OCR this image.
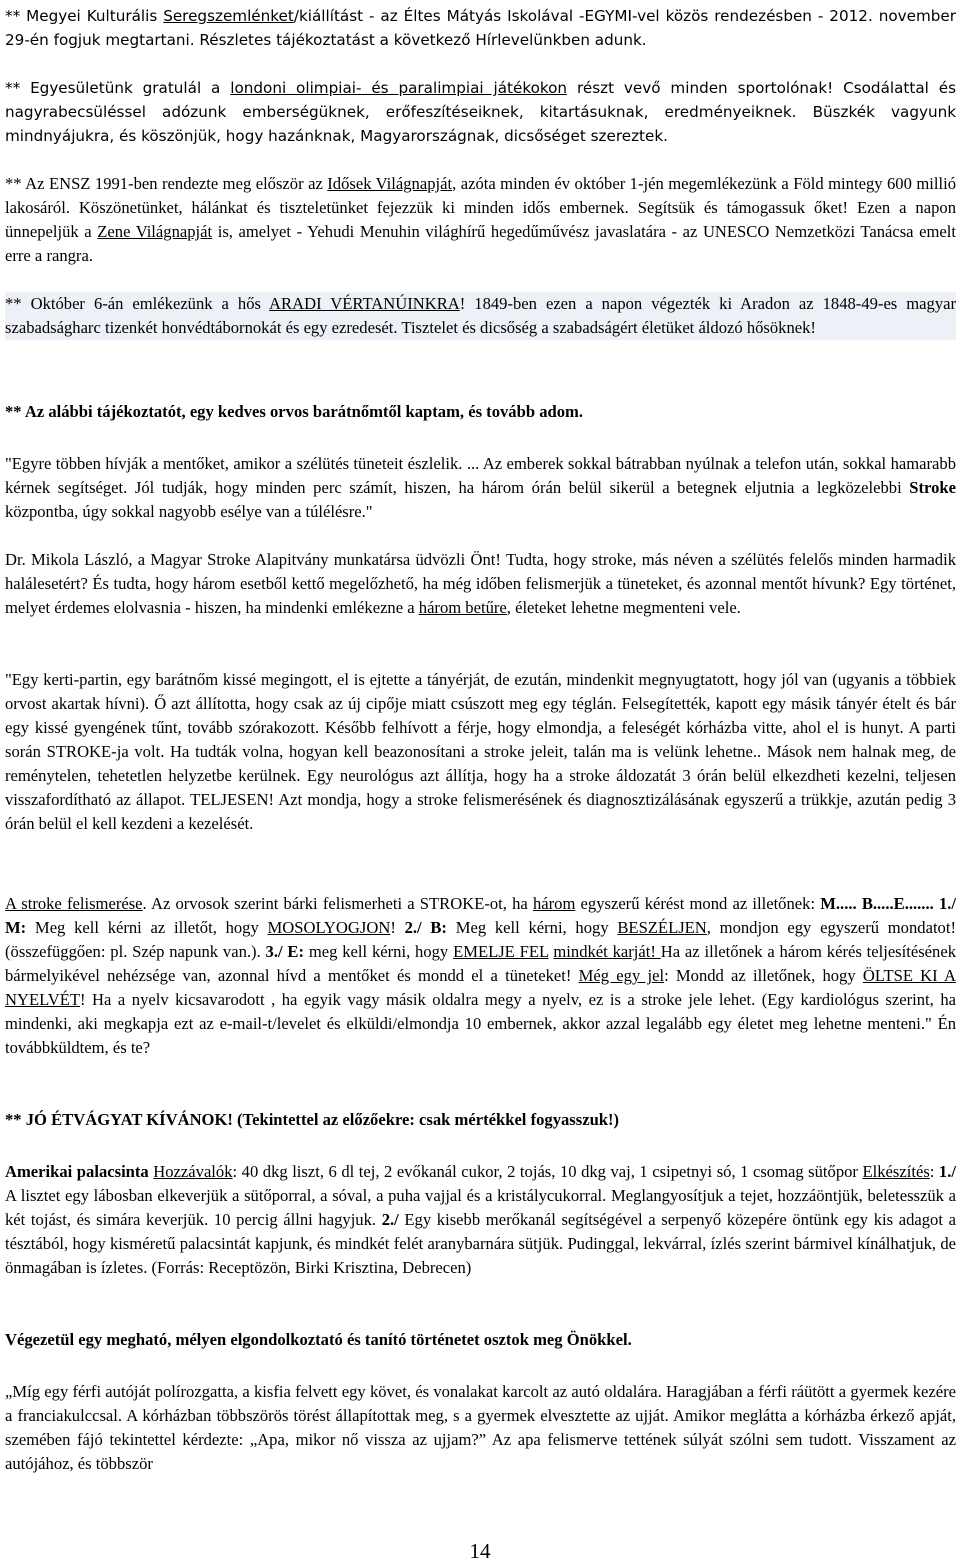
** Megyei Kulturális Seregszemlénket/kiállítást - az Éltes Mátyás Iskolával -EGYMI-vel közös rendezésben - 2012. november 29-én fogjuk megtartani. Részletes tájékoztatást a következő Hírlevelünkben adunk.

** Egyesületünk gratulál a londoni olimpiai- és paralimpiai játékokon részt vevő minden sportolónak! Csodálattal és nagyrabecsüléssel adózunk emberségüknek, erőfeszítéseiknek, kitartásuknak, eredményeiknek. Büszkék vagyunk mindnyájukra, és köszönjük, hogy hazánknak, Magyarországnak, dicsőséget szereztek.

** Az ENSZ 1991-ben rendezte meg először az Idősek Világnapját, azóta minden év október 1-jén megemlékezünk a Föld mintegy 600 millió lakosáról. Köszönetünket, hálánkat és tiszteletünket fejezzük ki minden idős embernek. Segítsük és támogassuk őket! Ezen a napon ünnepeljük a Zene Világnapját is, amelyet - Yehudi Menuhin világhírű hegedűművész javaslatára - az UNESCO Nemzetközi Tanácsa emelt erre a rangra.

** Október 6-án emlékezünk a hős ARADI VÉRTANÚINKRA! 1849-ben ezen a napon végezték ki Aradon az 1848-49-es magyar szabadságharc tizenkét honvédtábornokát és egy ezredesét. Tisztelet és dicsőség a szabadságért életüket áldozó hősöknek!

** Az alábbi tájékoztatót, egy kedves orvos barátnőmtől kaptam, és tovább adom.

"Egyre többen hívják a mentőket, amikor a szélütés tüneteit észlelik. ... Az emberek sokkal bátrabban nyúlnak a telefon után, sokkal hamarabb kérnek segítséget. Jól tudják, hogy minden perc számít, hiszen, ha három órán belül sikerül a betegnek eljutnia a legközelebbi Stroke központba, úgy sokkal nagyobb esélye van a túlélésre."

Dr. Mikola László, a Magyar Stroke Alapitvány munkatársa üdvözli Önt! Tudta, hogy stroke, más néven a szélütés felelős minden harmadik halálesetért? És tudta, hogy három esetből kettő megelőzhető, ha még időben felismerjük a tüneteket, és azonnal mentőt hívunk? Egy történet, melyet érdemes elolvasnia - hiszen, ha mindenki emlékezne a három betűre, életeket lehetne megmenteni vele.

"Egy kerti-partin, egy barátnőm kissé megingott, el is ejtette a tányérját, de ezután, mindenkit megnyugtatott, hogy jól van (ugyanis a többiek orvost akartak hívni). Ő azt állította, hogy csak az új cipője miatt csúszott meg egy téglán. Felsegítették, kapott egy másik tányér ételt és bár egy kissé gyengének tűnt, tovább szórakozott. Később felhívott a férje, hogy elmondja, a feleségét kórházba vitte, ahol el is hunyt. A parti során STROKE-ja volt. Ha tudták volna, hogyan kell beazonosítani a stroke jeleit, talán ma is velünk lehetne.. Mások nem halnak meg, de reménytelen, tehetetlen helyzetbe kerülnek. Egy neurológus azt állítja, hogy ha a stroke áldozatát 3 órán belül elkezdheti kezelni, teljesen visszafordítható az állapot. TELJESEN! Azt mondja, hogy a stroke felismerésének és diagnosztizálásának egyszerű a trükkje, azután pedig 3 órán belül el kell kezdeni a kezelését.

A stroke felismerése. Az orvosok szerint bárki felismerheti a STROKE-ot, ha három egyszerű kérést mond az illetőnek: M..... B.....E....... 1./ M: Meg kell kérni az illetőt, hogy MOSOLYOGJON! 2./ B: Meg kell kérni, hogy BESZÉLJEN, mondjon egy egyszerű mondatot! (összefüggően: pl. Szép napunk van.). 3./ E: meg kell kérni, hogy EMELJE FEL mindkét karját! Ha az illetőnek a három kérés teljesítésének bármelyikével nehézsége van, azonnal hívd a mentőket és mondd el a tüneteket! Még egy jel: Mondd az illetőnek, hogy ÖLTSE KI A NYELVÉT! Ha a nyelv kicsavarodott , ha egyik vagy másik oldalra megy a nyelv, ez is a stroke jele lehet. (Egy kardiológus szerint, ha mindenki, aki megkapja ezt az e-mail-t/levelet és elküldi/elmondja 10 embernek, akkor azzal legalább egy életet meg lehetne menteni." Én továbbküldtem, és te?

** JÓ ÉTVÁGYAT KÍVÁNOK! (Tekintettel az előzőekre: csak mértékkel fogyasszuk!)

Amerikai palacsinta Hozzávalók: 40 dkg liszt, 6 dl tej, 2 evőkanál cukor, 2 tojás, 10 dkg vaj, 1 csipetnyi só, 1 csomag sütőpor Elkészítés: 1./ A lisztet egy lábosban elkeverjük a sütőporral, a sóval, a puha vajjal és a kristálycukorral. Meglangyosítjuk a tejet, hozzáöntjük, beletesszük a két tojást, és simára keverjük. 10 percig állni hagyjuk. 2./ Egy kisebb merőkanál segítségével a serpenyő közepére öntünk egy kis adagot a tésztából, hogy kisméretű palacsintát kapjunk, és mindkét felét aranybarnára sütjük. Pudinggal, lekvárral, ízlés szerint bármivel kínálhatjuk, de önmagában is ízletes. (Forrás: Receptözön, Birki Krisztina, Debrecen)

Végezetül egy megható, mélyen elgondolkoztató és tanító történetet osztok meg Önökkel.

„Míg egy férfi autóját polírozgatta, a kisfia felvett egy követ, és vonalakat karcolt az autó oldalára. Haragjában a férfi ráütött a gyermek kezére a franciakulccsal. A kórházban többszörös törést állapítottak meg, s a gyermek elvesztette az ujját. Amikor meglátta a kórházba érkező apját, szemében fájó tekintettel kérdezte: „Apa, mikor nő vissza az ujjam?” Az apa felismerve tettének súlyát szólni sem tudott. Visszament az autójához, és többször

14
